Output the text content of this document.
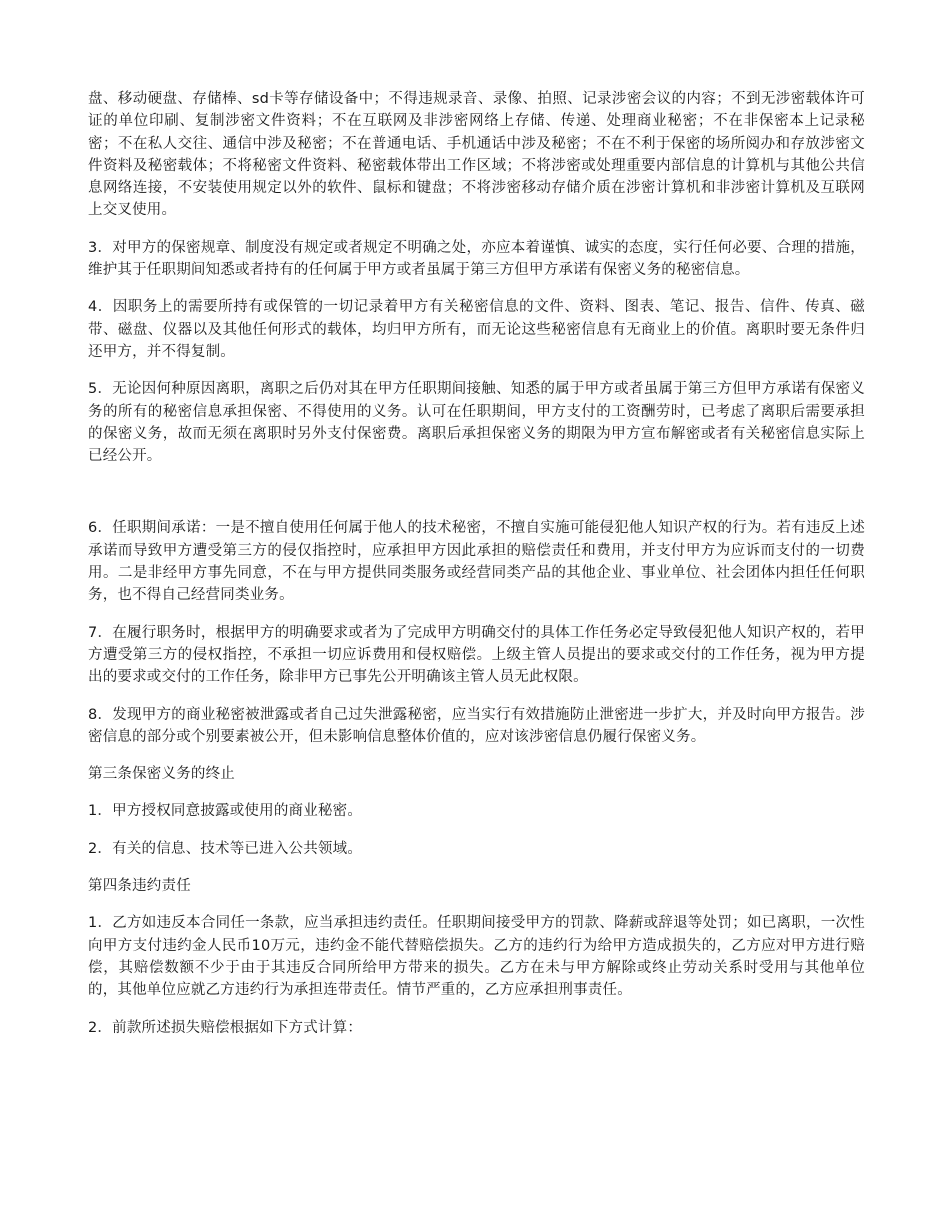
盘、移动硬盘、存储棒、sd卡等存储设备中；不得违规录音、录像、拍照、记录涉密会议的内容；不到无涉密载体许可证的单位印刷、复制涉密文件资料；不在互联网及非涉密网络上存储、传递、处理商业秘密；不在非保密本上记录秘密；不在私人交往、通信中涉及秘密；不在普通电话、手机通话中涉及秘密；不在不利于保密的场所阅办和存放涉密文件资料及秘密载体；不将秘密文件资料、秘密载体带出工作区域；不将涉密或处理重要内部信息的计算机与其他公共信息网络连接，不安装使用规定以外的软件、鼠标和键盘；不将涉密移动存储介质在涉密计算机和非涉密计算机及互联网上交叉使用。

3．对甲方的保密规章、制度没有规定或者规定不明确之处，亦应本着谨慎、诚实的态度，实行任何必要、合理的措施，维护其于任职期间知悉或者持有的任何属于甲方或者虽属于第三方但甲方承诺有保密义务的秘密信息。

4．因职务上的需要所持有或保管的一切记录着甲方有关秘密信息的文件、资料、图表、笔记、报告、信件、传真、磁带、磁盘、仪器以及其他任何形式的载体，均归甲方所有，而无论这些秘密信息有无商业上的价值。离职时要无条件归还甲方，并不得复制。

5．无论因何种原因离职，离职之后仍对其在甲方任职期间接触、知悉的属于甲方或者虽属于第三方但甲方承诺有保密义务的所有的秘密信息承担保密、不得使用的义务。认可在任职期间，甲方支付的工资酬劳时，已考虑了离职后需要承担的保密义务，故而无须在离职时另外支付保密费。离职后承担保密义务的期限为甲方宣布解密或者有关秘密信息实际上已经公开。

6．任职期间承诺：一是不擅自使用任何属于他人的技术秘密，不擅自实施可能侵犯他人知识产权的行为。若有违反上述承诺而导致甲方遭受第三方的侵仅指控时，应承担甲方因此承担的赔偿责任和费用，并支付甲方为应诉而支付的一切费用。二是非经甲方事先同意，不在与甲方提供同类服务或经营同类产品的其他企业、事业单位、社会团体内担任任何职务，也不得自己经营同类业务。

7．在履行职务时，根据甲方的明确要求或者为了完成甲方明确交付的具体工作任务必定导致侵犯他人知识产权的，若甲方遭受第三方的侵权指控，不承担一切应诉费用和侵权赔偿。上级主管人员提出的要求或交付的工作任务，视为甲方提出的要求或交付的工作任务，除非甲方已事先公开明确该主管人员无此权限。

8．发现甲方的商业秘密被泄露或者自己过失泄露秘密，应当实行有效措施防止泄密进一步扩大，并及时向甲方报告。涉密信息的部分或个别要素被公开，但未影响信息整体价值的，应对该涉密信息仍履行保密义务。

第三条保密义务的终止

1．甲方授权同意披露或使用的商业秘密。

2．有关的信息、技术等已进入公共领域。

第四条违约责任

1．乙方如违反本合同任一条款，应当承担违约责任。任职期间接受甲方的罚款、降薪或辞退等处罚；如已离职，一次性向甲方支付违约金人民币10万元，违约金不能代替赔偿损失。乙方的违约行为给甲方造成损失的，乙方应对甲方进行赔偿，其赔偿数额不少于由于其违反合同所给甲方带来的损失。乙方在未与甲方解除或终止劳动关系时受用与其他单位的，其他单位应就乙方违约行为承担连带责任。情节严重的，乙方应承担刑事责任。

2．前款所述损失赔偿根据如下方式计算：
